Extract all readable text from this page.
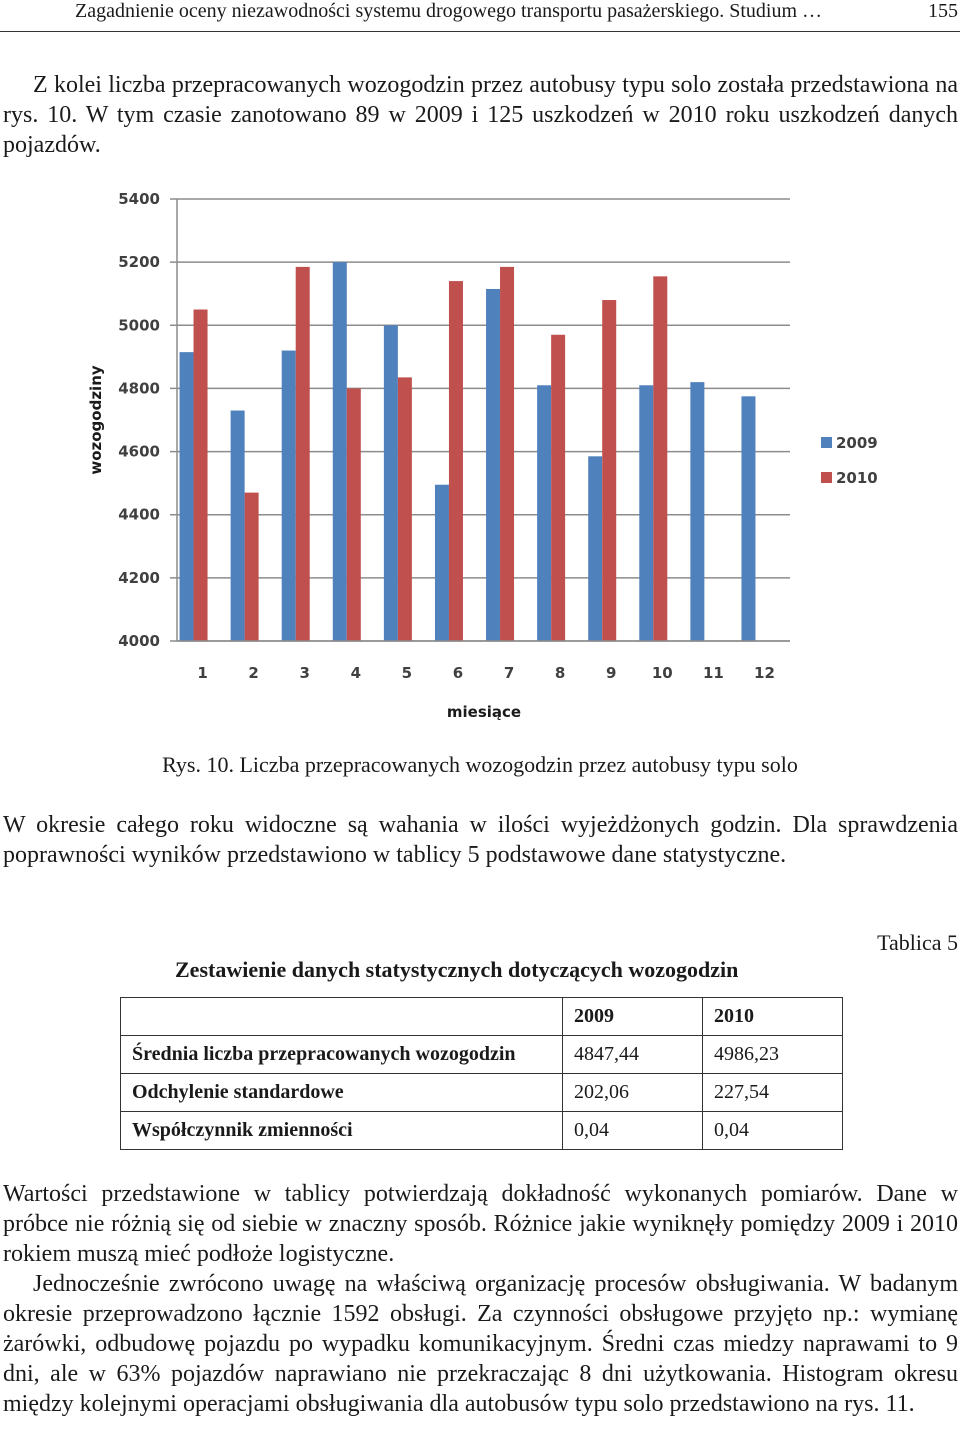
Zagadnienie oceny niezawodności systemu drogowego transportu pasażerskiego. Studium …	155

Z kolei liczba przepracowanych wozogodzin przez autobusy typu solo została przedstawiona na rys. 10. W tym czasie zanotowano 89 w 2009 i 125 uszkodzeń w 2010 roku uszkodzeń danych pojazdów.

4000
4200
4400
4600
4800
5000
5200
5400
1	2	3	4	5	6	7	8	9 10 11 12
wozogodziny
miesiące
2009
2010
Rys. 10. Liczba przepracowanych wozogodzin przez autobusy typu solo

W okresie całego roku widoczne są wahania w ilości wyjeżdżonych godzin. Dla sprawdzenia poprawności wyników przedstawiono w tablicy 5 podstawowe dane statystyczne.

Tablica 5
Zestawienie danych statystycznych dotyczących wozogodzin
	2009	2010
Średnia liczba przepracowanych wozogodzin	4847,44	4986,23
Odchylenie standardowe	202,06	227,54
Współczynnik zmienności	0,04	0,04

Wartości przedstawione w tablicy potwierdzają dokładność wykonanych pomiarów. Dane w próbce nie różnią się od siebie w znaczny sposób. Różnice jakie wyniknęły pomiędzy 2009 i 2010 rokiem muszą mieć podłoże logistyczne.

Jednocześnie zwrócono uwagę na właściwą organizację procesów obsługiwania. W badanym okresie przeprowadzono łącznie 1592 obsługi. Za czynności obsługowe przyjęto np.: wymianę żarówki, odbudowę pojazdu po wypadku komunikacyjnym. Średni czas miedzy naprawami to 9 dni, ale w 63% pojazdów naprawiano nie przekraczając 8 dni użytkowania. Histogram okresu między kolejnymi operacjami obsługiwania dla autobusów typu solo przedstawiono na rys. 11.
